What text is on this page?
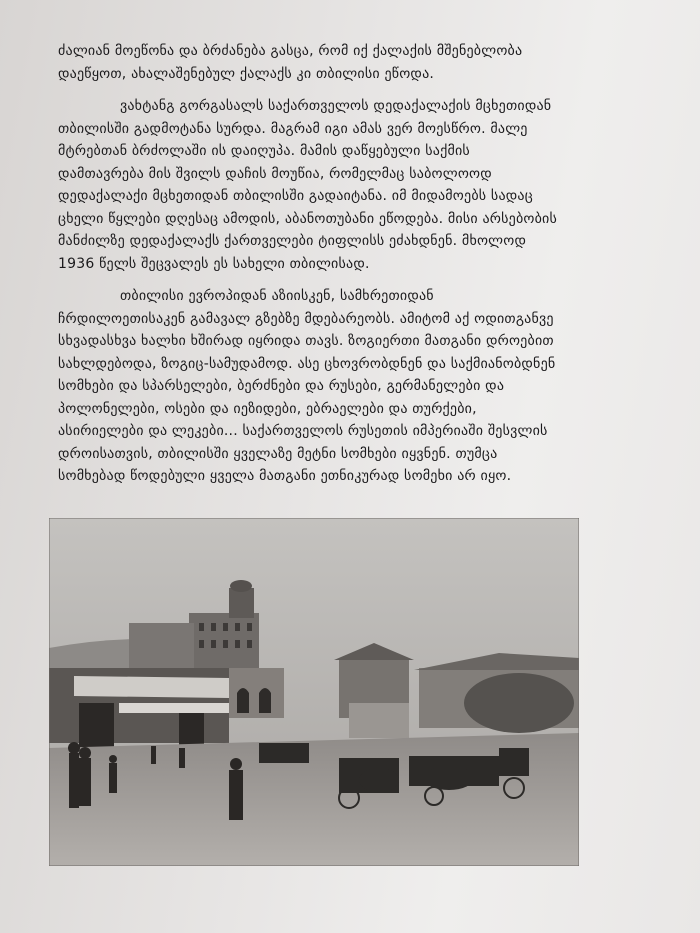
ძალიან მოეწონა და ბრძანება გასცა, რომ იქ ქალაქის მშენებლობა
დაეწყოთ, ახალაშენებულ ქალაქს კი თბილისი ეწოდა.

ვახტანგ გორგასალს საქართველოს დედაქალაქის მცხეთიდან
თბილისში გადმოტანა სურდა. მაგრამ იგი ამას ვერ მოესწრო. მალე
მტრებთან ბრძოლაში ის დაიღუპა. მამის დაწყებული საქმის
დამთავრება მის შვილს დაჩის მოუწია, რომელმაც საბოლოოდ
დედაქალაქი მცხეთიდან თბილისში გადაიტანა. იმ მიდამოებს სადაც
ცხელი წყლები დღესაც ამოდის, აბანოთუბანი ეწოდება. მისი არსებობის
მანძილზე დედაქალაქს ქართველები ტიფლისს ეძახდნენ. მხოლოდ
1936 წელს შეცვალეს ეს სახელი თბილისად.

თბილისი ევროპიდან აზიისკენ, სამხრეთიდან
ჩრდილოეთისაკენ გამავალ გზებზე მდებარეობს. ამიტომ აქ ოდითგანვე
სხვადასხვა ხალხი ხშირად იყრიდა თავს. ზოგიერთი მათგანი დროებით
სახლდებოდა, ზოგიც-სამუდამოდ. ასე ცხოვრობდნენ და საქმიანობდნენ
სომხები და სპარსელები, ბერძნები და რუსები, გერმანელები და
პოლონელები, ოსები და იეზიდები, ებრაელები და თურქები,
ასირიელები და ლეკები... საქართველოს რუსეთის იმპერიაში შესვლის
დროისათვის, თბილისში ყველაზე მეტნი სომხები იყვნენ. თუმცა
სომხებად წოდებული ყველა მათგანი ეთნიკურად სომეხი არ იყო.
